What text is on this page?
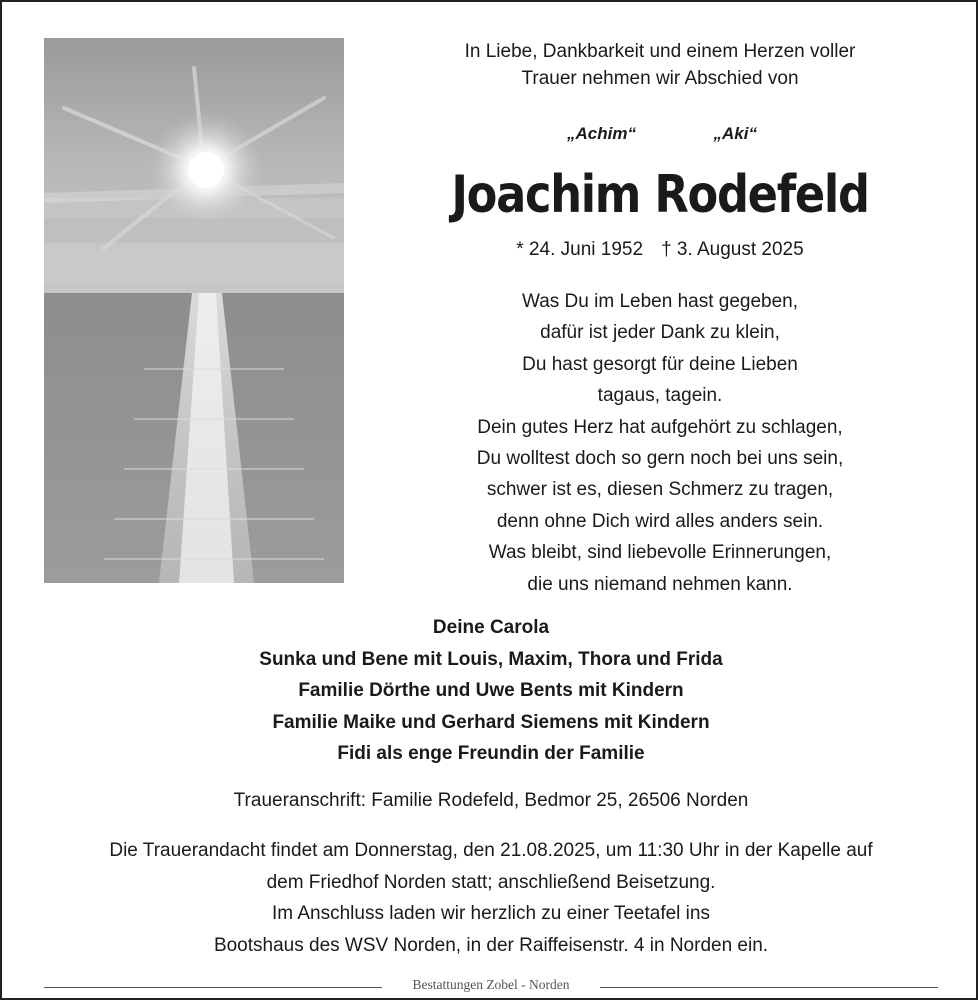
In Liebe, Dankbarkeit und einem Herzen voller
Trauer nehmen wir Abschied von
„Achim“	„Aki“
Joachim Rodefeld
* 24. Juni 1952 † 3. August 2025
Was Du im Leben hast gegeben,
dafür ist jeder Dank zu klein,
Du hast gesorgt für deine Lieben
tagaus, tagein.
Dein gutes Herz hat aufgehört zu schlagen,
Du wolltest doch so gern noch bei uns sein,
schwer ist es, diesen Schmerz zu tragen,
denn ohne Dich wird alles anders sein.
Was bleibt, sind liebevolle Erinnerungen,
die uns niemand nehmen kann.
Deine Carola
Sunka und Bene mit Louis, Maxim, Thora und Frida
Familie Dörthe und Uwe Bents mit Kindern
Familie Maike und Gerhard Siemens mit Kindern
Fidi als enge Freundin der Familie
Traueranschrift: Familie Rodefeld, Bedmor 25, 26506 Norden
Die Trauerandacht findet am Donnerstag, den 21.08.2025, um 11:30 Uhr in der Kapelle auf
dem Friedhof Norden statt; anschließend Beisetzung.
Im Anschluss laden wir herzlich zu einer Teetafel ins
Bootshaus des WSV Norden, in der Raiffeisenstr. 4 in Norden ein.
Bestattungen Zobel - Norden
